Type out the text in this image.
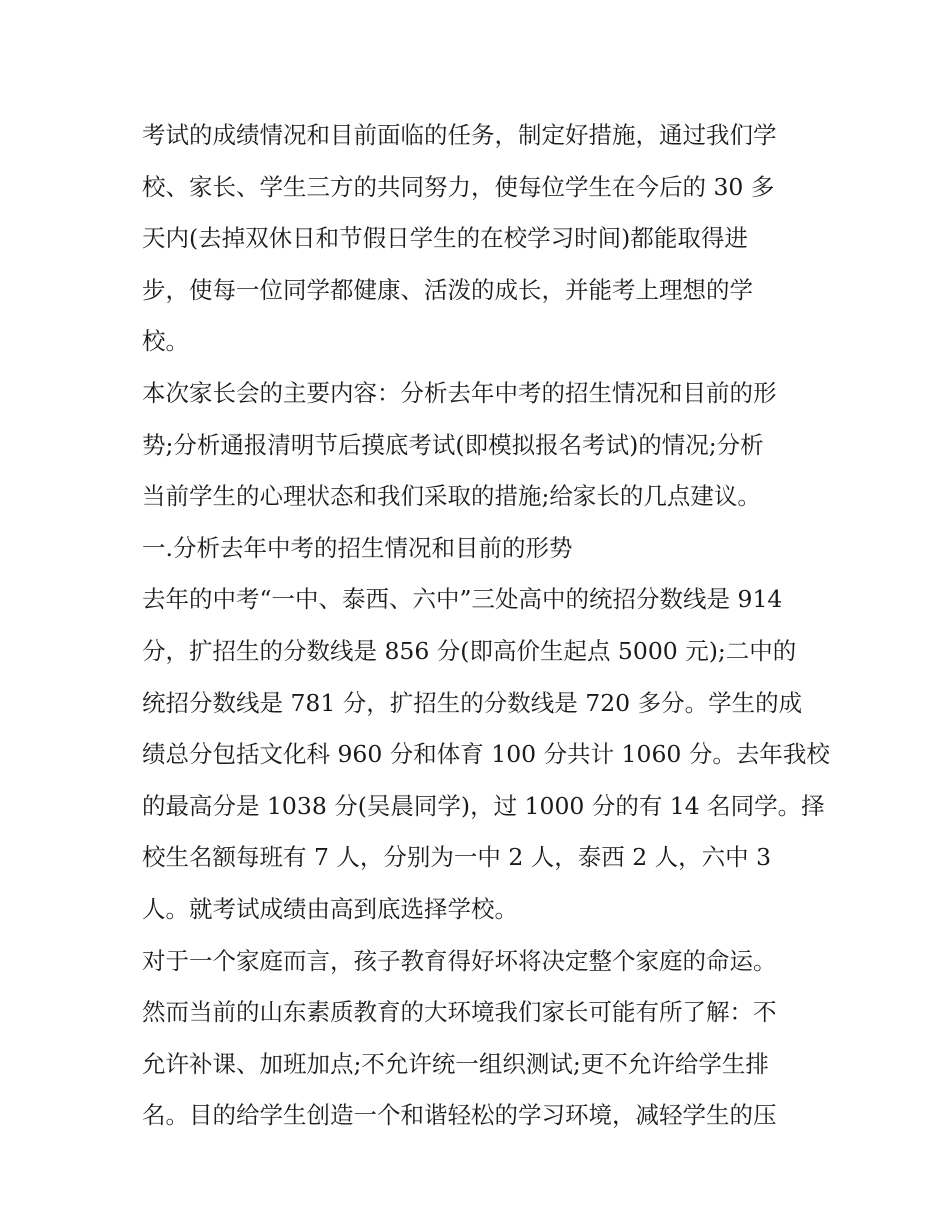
考试的成绩情况和目前面临的任务，制定好措施，通过我们学
校、家长、学生三方的共同努力，使每位学生在今后的 30 多
天内(去掉双休日和节假日学生的在校学习时间)都能取得进
步，使每一位同学都健康、活泼的成长，并能考上理想的学
校。
本次家长会的主要内容：分析去年中考的招生情况和目前的形
势;分析通报清明节后摸底考试(即模拟报名考试)的情况;分析
当前学生的心理状态和我们采取的措施;给家长的几点建议。
一.分析去年中考的招生情况和目前的形势
去年的中考“一中、泰西、六中”三处高中的统招分数线是 914
分，扩招生的分数线是 856 分(即高价生起点 5000 元);二中的
统招分数线是 781 分，扩招生的分数线是 720 多分。学生的成
绩总分包括文化科 960 分和体育 100 分共计 1060 分。去年我校
的最高分是 1038 分(吴晨同学)，过 1000 分的有 14 名同学。择
校生名额每班有 7 人，分别为一中 2 人，泰西 2 人，六中 3
人。就考试成绩由高到底选择学校。
对于一个家庭而言，孩子教育得好坏将决定整个家庭的命运。
然而当前的山东素质教育的大环境我们家长可能有所了解：不
允许补课、加班加点;不允许统一组织测试;更不允许给学生排
名。目的给学生创造一个和谐轻松的学习环境，减轻学生的压
